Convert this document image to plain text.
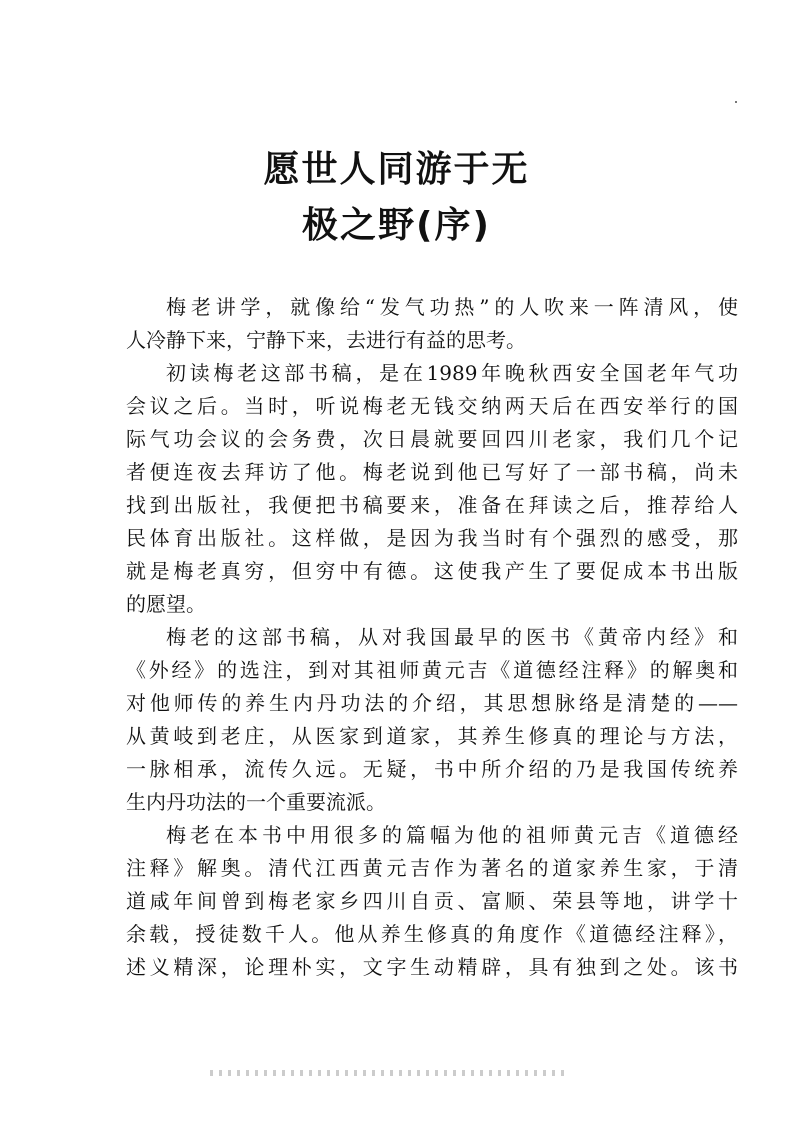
愿世人同游于无
极之野(序)
梅老讲学，就像给“发气功热”的人吹来一阵清风，使
人冷静下来，宁静下来，去进行有益的思考。
初读梅老这部书稿，是在1989年晚秋西安全国老年气功
会议之后。当时，听说梅老无钱交纳两天后在西安举行的国
际气功会议的会务费，次日晨就要回四川老家，我们几个记
者便连夜去拜访了他。梅老说到他已写好了一部书稿，尚未
找到出版社，我便把书稿要来，准备在拜读之后，推荐给人
民体育出版社。这样做，是因为我当时有个强烈的感受，那
就是梅老真穷，但穷中有德。这使我产生了要促成本书出版
的愿望。
梅老的这部书稿，从对我国最早的医书《黄帝内经》和
《外经》的选注，到对其祖师黄元吉《道德经注释》的解奥和
对他师传的养生内丹功法的介绍，其思想脉络是清楚的——
从黄岐到老庄，从医家到道家，其养生修真的理论与方法，
一脉相承，流传久远。无疑，书中所介绍的乃是我国传统养
生内丹功法的一个重要流派。
梅老在本书中用很多的篇幅为他的祖师黄元吉《道德经
注释》解奥。清代江西黄元吉作为著名的道家养生家，于清
道咸年间曾到梅老家乡四川自贡、富顺、荣县等地，讲学十
余载，授徒数千人。他从养生修真的角度作《道德经注释》，
述义精深，论理朴实，文字生动精辟，具有独到之处。该书
